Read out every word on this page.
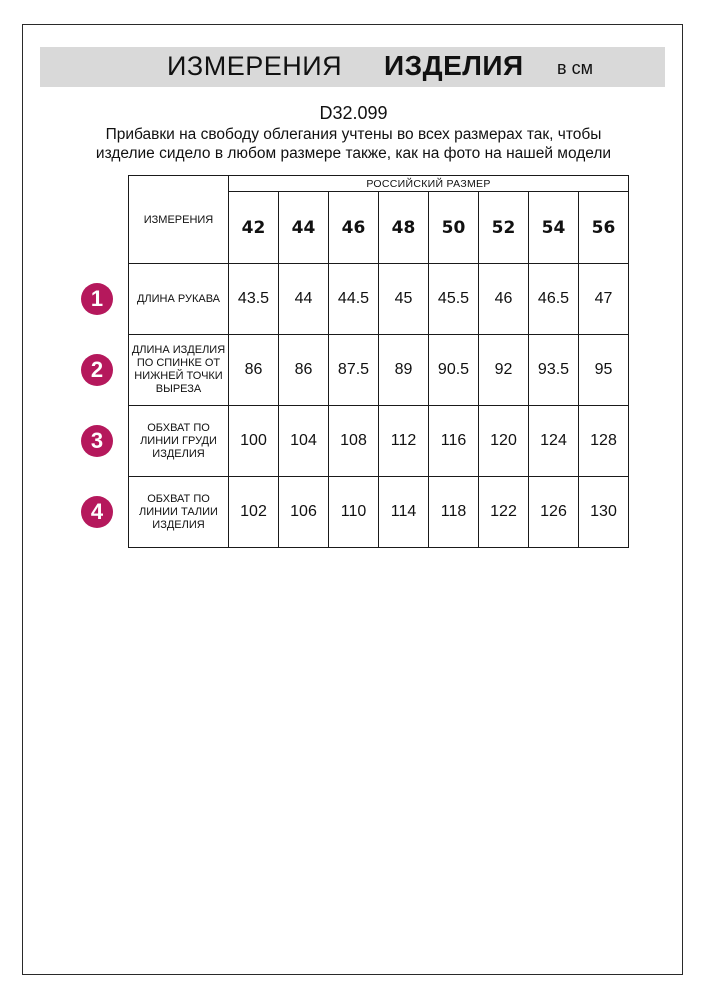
ИЗМЕРЕНИЯ ИЗДЕЛИЯ в см
D32.099
Прибавки на свободу облегания учтены во всех размерах так, чтобы
изделие сидело в любом размере также, как на фото на нашей модели
ИЗМЕРЕНИЯ	РОССИЙСКИЙ РАЗМЕР							
	42	44	46	48	50	52	54	56
ДЛИНА РУКАВА	43.5	44	44.5	45	45.5	46	46.5	47
ДЛИНА ИЗДЕЛИЯ ПО СПИНКЕ ОТ НИЖНЕЙ ТОЧКИ ВЫРЕЗА	86	86	87.5	89	90.5	92	93.5	95
ОБХВАТ ПО ЛИНИИ ГРУДИ ИЗДЕЛИЯ	100	104	108	112	116	120	124	128
ОБХВАТ ПО ЛИНИИ ТАЛИИ ИЗДЕЛИЯ	102	106	110	114	118	122	126	130
1
2
3
4
